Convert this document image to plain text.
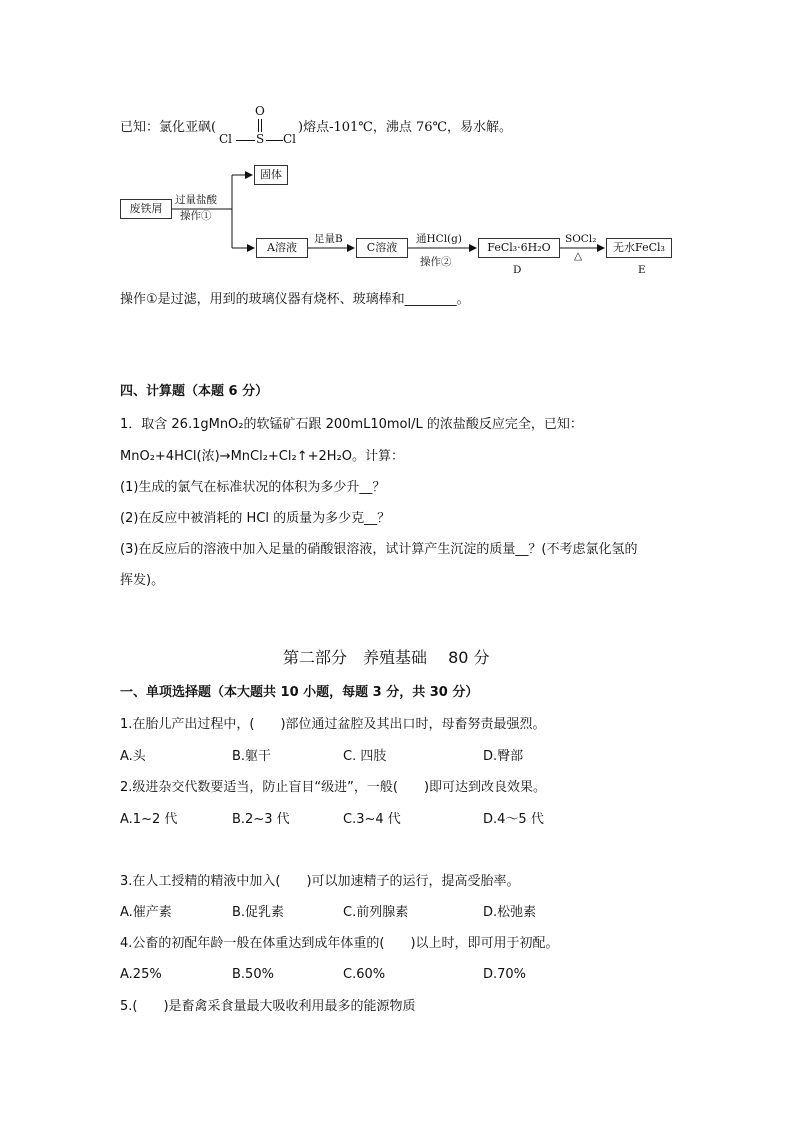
已知：氯化亚砜(
O
Cl S Cl
)熔点-101℃，沸点 76℃，易水解。
废铁屑
过量盐酸
操作①
固体
A溶液
足量B
C溶液
通HCl(g)
操作②
FeCl₃·6H₂O
D
SOCl₂
△
无水FeCl₃
E
操作①是过滤，用到的玻璃仪器有烧杯、玻璃棒和________。
四、计算题（本题 6 分）
1．取含 26.1gMnO₂的软锰矿石跟 200mL10mol/L 的浓盐酸反应完全，已知：
MnO₂+4HCl(浓)→MnCl₂+Cl₂↑+2H₂O。计算：
(1)生成的氯气在标准状况的体积为多少升__？
(2)在反应中被消耗的 HCl 的质量为多少克__？
(3)在反应后的溶液中加入足量的硝酸银溶液，试计算产生沉淀的质量__？(不考虑氯化氢的
挥发)。
第二部分　养殖基础　 80 分
一、单项选择题（本大题共 10 小题，每题 3 分，共 30 分）
1.在胎儿产出过程中，(　　)部位通过盆腔及其出口时，母畜努责最强烈。
A.头	B.躯干	C. 四肢	D.臀部
2.级进杂交代数要适当，防止盲目“级进”，一般(　　)即可达到改良效果。
A.1~2 代	B.2~3 代	C.3~4 代	D.4～5 代
3.在人工授精的精液中加入(　　)可以加速精子的运行，提高受胎率。
A.催产素	B.促乳素	C.前列腺素	D.松弛素
4.公畜的初配年龄一般在体重达到成年体重的(　　)以上时，即可用于初配。
A.25%	B.50%	C.60%	D.70%
5.(　　)是畜禽采食量最大吸收利用最多的能源物质
